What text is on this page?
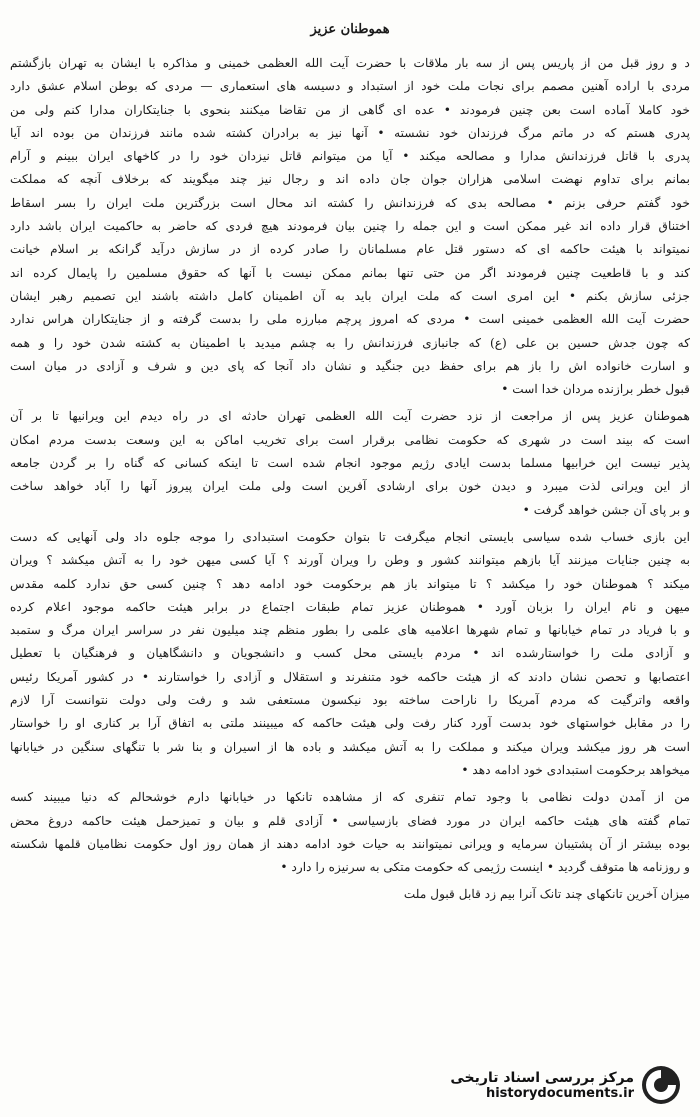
هموطنان عزیز
د و روز قبل من از پاریس پس از سه بار ملاقات با حضرت آیت الله العظمی خمینی و مذاکره با ایشان به تهران بازگشتم
مردی با اراده آهنین مصمم برای نجات ملت خود از استبداد و دسیسه های استعماری — مردی که بوطن اسلام عشق دارد
خود کاملا آماده است بعن چنین فرمودند • عده ای گاهی از من تقاضا میکنند بنحوی با جنایتکاران مدارا کنم ولی من
پدری هستم که در ماتم مرگ فرزندان خود نشسته • آنها نیز به برادران کشته شده مانند فرزندان من بوده اند آیا
پدری با قاتل فرزندانش مدارا و مصالحه میکند • آیا من میتوانم قاتل نیزدان خود را در کاخهای ایران ببینم و آرام
بمانم برای تداوم نهضت اسلامی هزاران جوان جان داده اند و رجال نیز چند میگویند که برخلاف آنچه که مملکت
خود گفتم حرفی بزنم • مصالحه بدی که فرزندانش را کشته اند محال است بزرگترین ملت ایران را بسر اسقاط
اختناق قرار داده اند غیر ممکن است و این جمله را چنین بیان فرمودند هیچ فردی که حاضر به حاکمیت ایران باشد دارد
نمیتواند با هیئت حاکمه ای که دستور قتل عام مسلمانان را صادر کرده از در سازش درآید گرانکه بر اسلام خیانت
کند و با قاطعیت چنین فرمودند اگر من حتی تنها بمانم ممکن نیست با آنها که حقوق مسلمین را پایمال کرده اند
جزئی سازش بکنم • این امری است که ملت ایران باید به آن اطمینان کامل داشته باشند این تصمیم رهبر ایشان
حضرت آیت الله العظمی خمینی است • مردی که امروز پرچم مبارزه ملی را بدست گرفته و از جنایتکاران هراس ندارد
که چون جدش حسین بن علی (ع) که جانبازی فرزندانش را به چشم میدید با اطمینان به کشته شدن خود را و همه
و اسارت خانواده اش را باز هم برای حفظ دین جنگید و نشان داد آنجا که پای دین و شرف و آزادی در میان است
قبول خطر برازنده مردان خدا است •
هموطنان عزیز پس از مراجعت از نزد حضرت آیت الله العظمی تهران حادثه ای در راه دیدم این ویرانیها تا بر آن
است که بیند است در شهری که حکومت نظامی برقرار است برای تخریب اماکن به این وسعت بدست مردم امکان
پذیر نیست این خرابیها مسلما بدست ایادی رژیم موجود انجام شده است تا اینکه کسانی که گناه را بر گردن جامعه
از این ویرانی لذت میبرد و دیدن خون برای ارشادی آفرین است ولی ملت ایران پیروز آنها را آباد خواهد ساخت
و بر پای آن جشن خواهد گرفت •
این بازی خساب شده سیاسی بایستی انجام میگرفت تا بتوان حکومت استبدادی را موجه جلوه داد ولی آنهایی که دست
به چنین جنایات میزنند آیا بازهم میتوانند کشور و وطن را ویران آورند ؟ آیا کسی میهن خود را به آتش میکشد ؟ ویران
میکند ؟ هموطنان خود را میکشد ؟ تا میتواند باز هم برحکومت خود ادامه دهد ؟ چنین کسی حق ندارد کلمه مقدس
میهن و نام ایران را بزبان آورد • هموطنان عزیز تمام طبقات اجتماع در برابر هیئت حاکمه موجود اعلام کرده
و با فریاد در تمام خیابانها و تمام شهرها اعلامیه های علمی را بطور منظم چند میلیون نفر در سراسر ایران مرگ و ستمبد
و آزادی ملت را خواستارشده اند • مردم بایستی محل کسب و دانشجویان و دانشگاهیان و فرهنگیان با تعطیل
اعتصابها و تحصن نشان دادند که از هیئت حاکمه خود متنفرند و استقلال و آزادی را خواستارند • در کشور آمریکا رئیس
واقعه واترگیت که مردم آمریکا را ناراحت ساخته بود نیکسون مستعفی شد و رفت ولی دولت نتوانست آرا لازم
را در مقابل خواستهای خود بدست آورد کنار رفت ولی هیئت حاکمه که میبینند ملتی به اتفاق آرا بر کناری او را خواستار
است هر روز میکشد ویران میکند و مملکت را به آتش میکشد و باده ها از اسیران و بنا شر با تنگهای سنگین در خیابانها
میخواهد برحکومت استبدادی خود ادامه دهد •
من از آمدن دولت نظامی با وجود تمام تنفری که از مشاهده تانکها در خیابانها دارم خوشحالم که دنیا میبیند کسه
تمام گفته های هیئت حاکمه ایران در مورد فضای بازسیاسی • آزادی قلم و بیان و تمیزحمل هیئت حاکمه دروغ محض
بوده بیشتر از آن پشتیبان سرمایه و ویرانی نمیتوانند به حیات خود ادامه دهند از همان روز اول حکومت نظامیان قلمها شکسته
و روزنامه ها متوقف گردید • اینست رژیمی که حکومت متکی به سرنیزه را دارد •
میزان آخرین تانکهای چند تانک آنرا بیم زد قابل قبول ملت
مرکز بررسی اسناد تاریخی
historydocuments.ir
